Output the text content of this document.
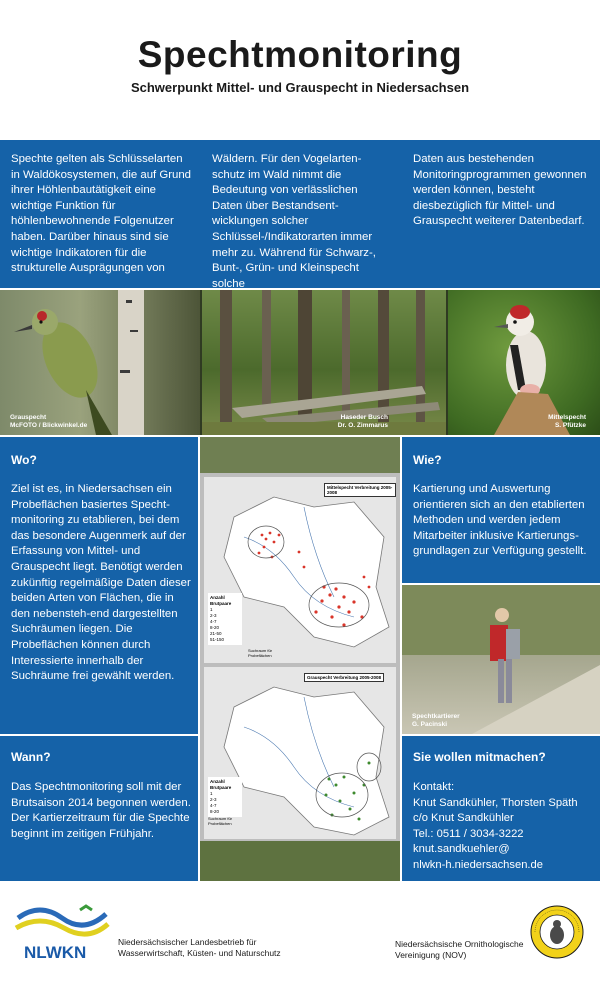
Spechtmonitoring
Schwerpunkt Mittel- und Grauspecht in Niedersachsen
Spechte gelten als Schlüsselarten in Waldökosystemen, die auf Grund ihrer Höhlenbautätigkeit eine wichtige Funktion für höhlenbewohnende Folgenutzer haben. Darüber hinaus sind sie wichtige Indikatoren für die strukturelle Ausprägungen von
Wäldern. Für den Vogelarten-schutz im Wald nimmt die Bedeutung von verlässlichen Daten über Bestandsent-wicklungen solcher Schlüssel-/Indikatorarten immer mehr zu. Während für Schwarz-, Bunt-, Grün- und Kleinspecht solche
Daten aus bestehenden Monitoringprogrammen gewonnen werden können, besteht diesbezüglich für Mittel- und Grauspecht weiterer Datenbedarf.
Grauspecht
McFOTO / Blickwinkel.de
Haseder Busch
Dr. O. Zimmarus
Mittelspecht
S. Pfützke
Wo?
Ziel ist es, in Niedersachsen ein Probeflächen basiertes Specht-monitoring zu etablieren, bei dem das besondere Augenmerk auf der Erfassung von Mittel- und Grauspecht liegt. Benötigt werden zukünftig regelmäßige Daten dieser beiden Arten von Flächen, die in den nebensteh-end dargestellten Suchräumen liegen. Die Probeflächen können durch Interessierte innerhalb der Suchräume frei gewählt werden.
Mittelspecht Verbreitung 2005-2008
Anzahl Brutpaare
1
2-3
4-7
8-20
21-50
51-150
Suchraum für Probeflächen
Grauspecht Verbreitung 2005-2008
Anzahl Brutpaare
1
2-3
4-7
8-20
Suchraum für Probeflächen
Wie?
Kartierung und Auswertung orientieren sich an den etablierten Methoden und werden jedem Mitarbeiter inklusive Kartierungs-grundlagen zur Verfügung gestellt.
Spechtkartierer
G. Pacinski
Wann?
Das Spechtmonitoring soll mit der Brutsaison 2014 begonnen werden. Der Kartierzeitraum für die Spechte beginnt im zeitigen Frühjahr.
Sie wollen mitmachen?
Kontakt:
Knut Sandkühler, Thorsten Späth
c/o Knut Sandkühler
Tel.: 0511 / 3034-3222
knut.sandkuehler@
nlwkn-h.niedersachsen.de
NLWKN
Niedersächsischer Landesbetrieb für
Wasserwirtschaft, Küsten- und Naturschutz
Niedersächsische Ornithologische
Vereinigung (NOV)
